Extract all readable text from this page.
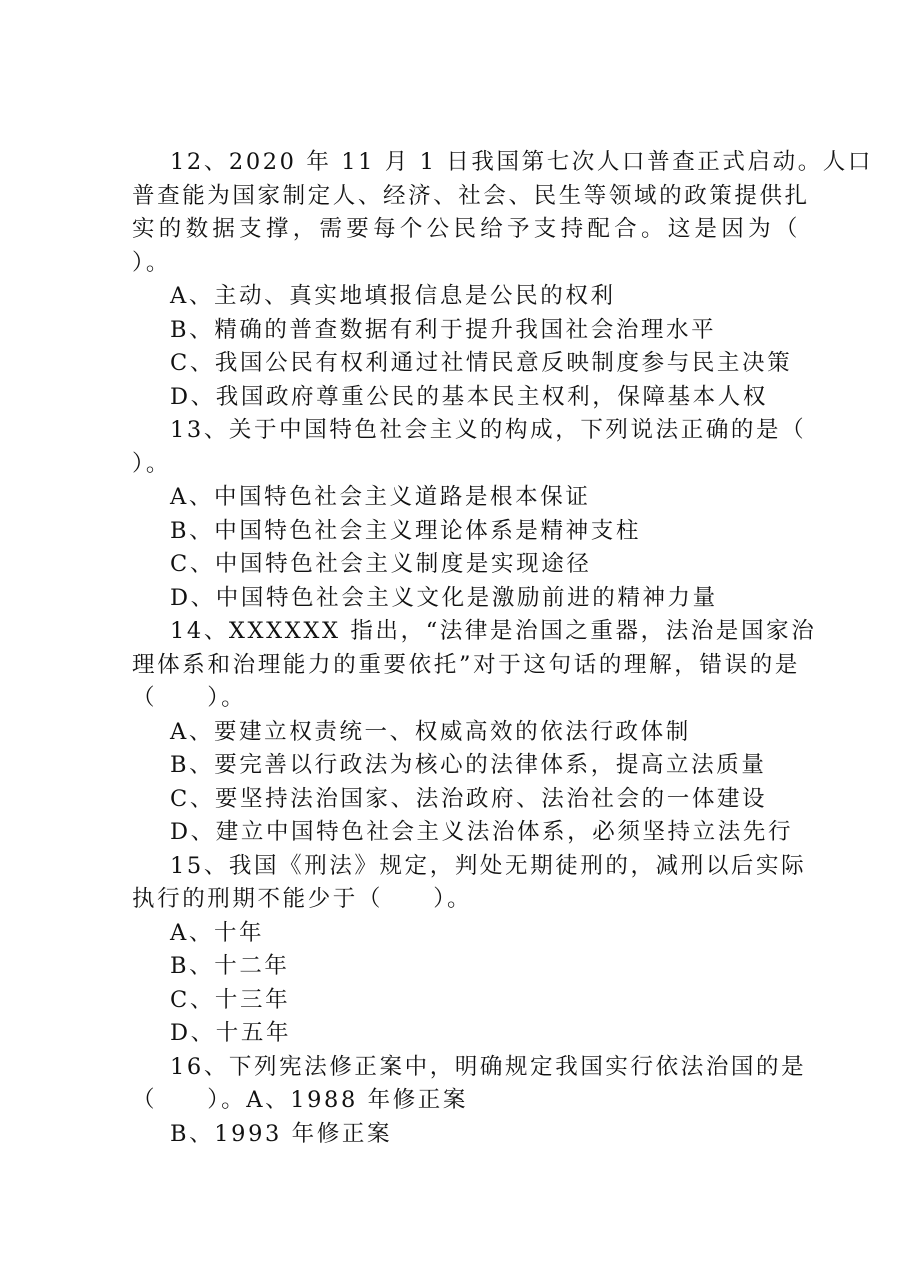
12、2020 年 11 月 1 日我国第七次人口普查正式启动。人口
普查能为国家制定人、经济、社会、民生等领域的政策提供扎
实的数据支撑，需要每个公民给予支持配合。这是因为（
）。
A、主动、真实地填报信息是公民的权利
B、精确的普查数据有利于提升我国社会治理水平
C、我国公民有权利通过社情民意反映制度参与民主决策
D、我国政府尊重公民的基本民主权利，保障基本人权
13、关于中国特色社会主义的构成，下列说法正确的是（
）。
A、中国特色社会主义道路是根本保证
B、中国特色社会主义理论体系是精神支柱
C、中国特色社会主义制度是实现途径
D、中国特色社会主义文化是激励前进的精神力量
14、XXXXXX 指出，“法律是治国之重器，法治是国家治
理体系和治理能力的重要依托”对于这句话的理解，错误的是
（　　）。
A、要建立权责统一、权威高效的依法行政体制
B、要完善以行政法为核心的法律体系，提高立法质量
C、要坚持法治国家、法治政府、法治社会的一体建设
D、建立中国特色社会主义法治体系，必须坚持立法先行
15、我国《刑法》规定，判处无期徒刑的，减刑以后实际
执行的刑期不能少于（　　）。
A、十年
B、十二年
C、十三年
D、十五年
16、下列宪法修正案中，明确规定我国实行依法治国的是
（　　）。A、1988 年修正案
B、1993 年修正案
